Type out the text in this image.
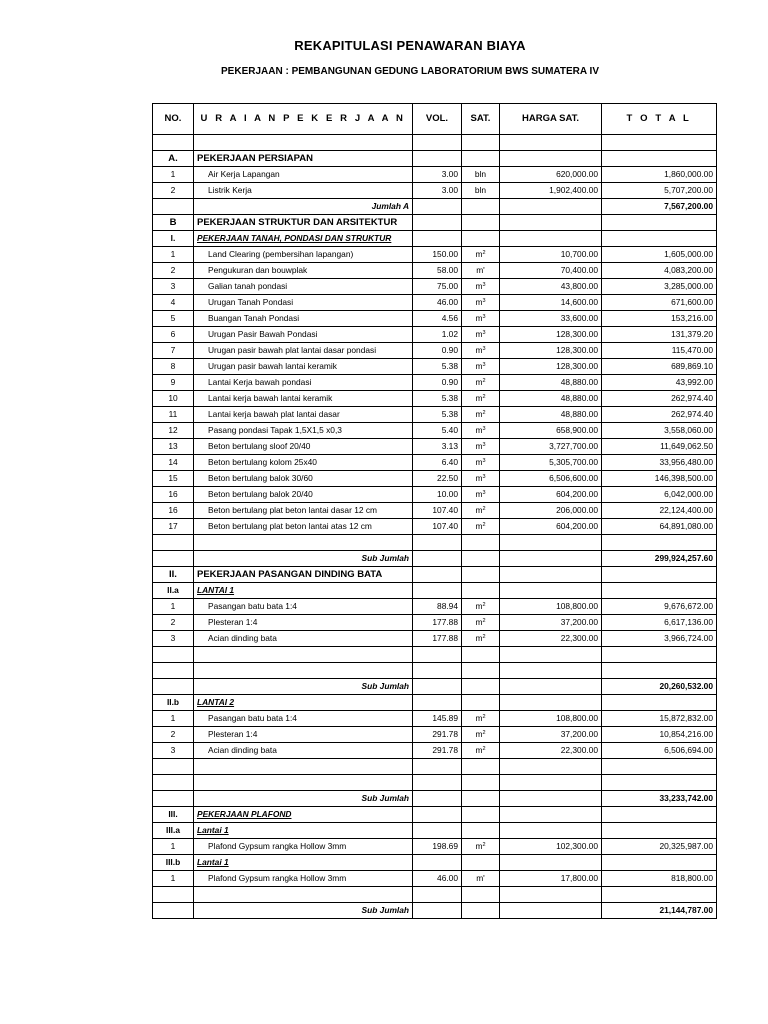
REKAPITULASI PENAWARAN BIAYA
PEKERJAAN : PEMBANGUNAN GEDUNG LABORATORIUM BWS SUMATERA IV
NO.	U R A I A N P E K E R J A A N	VOL.	SAT.	HARGA SAT.	T O T A L

A.	PEKERJAAN PERSIAPAN				
1	Air Kerja Lapangan	3.00	bln	620,000.00	1,860,000.00
2	Listrik Kerja	3.00	bln	1,902,400.00	5,707,200.00
	Jumlah A				7,567,200.00
B	PEKERJAAN STRUKTUR DAN ARSITEKTUR				
I.	PEKERJAAN TANAH, PONDASI DAN STRUKTUR				
1	Land Clearing (pembersihan lapangan)	150.00	$m^2$	10,700.00	1,605,000.00
2	Pengukuran dan bouwplak	58.00	m'	70,400.00	4,083,200.00
3	Galian tanah pondasi	75.00	$m^3$	43,800.00	3,285,000.00
4	Urugan Tanah Pondasi	46.00	$m^3$	14,600.00	671,600.00
5	Buangan Tanah Pondasi	4.56	$m^3$	33,600.00	153,216.00
6	Urugan Pasir Bawah Pondasi	1.02	$m^3$	128,300.00	131,379.20
7	Urugan pasir bawah plat lantai dasar pondasi	0.90	$m^3$	128,300.00	115,470.00
8	Urugan pasir bawah lantai keramik	5.38	$m^3$	128,300.00	689,869.10
9	Lantai Kerja bawah pondasi	0.90	$m^2$	48,880.00	43,992.00
10	Lantai kerja bawah lantai keramik	5.38	$m^2$	48,880.00	262,974.40
11	Lantai kerja bawah plat lantai dasar	5.38	$m^2$	48,880.00	262,974.40
12	Pasang pondasi Tapak 1,5X1,5 x0,3	5.40	$m^3$	658,900.00	3,558,060.00
13	Beton bertulang sloof 20/40	3.13	$m^3$	3,727,700.00	11,649,062.50
14	Beton bertulang kolom 25x40	6.40	$m^3$	5,305,700.00	33,956,480.00
15	Beton bertulang balok 30/60	22.50	$m^3$	6,506,600.00	146,398,500.00
16	Beton bertulang balok 20/40	10.00	$m^3$	604,200.00	6,042,000.00
16	Beton bertulang plat beton lantai dasar 12 cm	107.40	$m^2$	206,000.00	22,124,400.00
17	Beton bertulang plat beton lantai atas 12 cm	107.40	$m^2$	604,200.00	64,891,080.00

	Sub Jumlah				299,924,257.60
II.	PEKERJAAN PASANGAN DINDING BATA				
II.a	LANTAI 1				
1	Pasangan batu bata 1:4	88.94	$m^2$	108,800.00	9,676,672.00
2	Plesteran 1:4	177.88	$m^2$	37,200.00	6,617,136.00
3	Acian dinding bata	177.88	$m^2$	22,300.00	3,966,724.00

	Sub Jumlah				20,260,532.00
II.b	LANTAI 2				
1	Pasangan batu bata 1:4	145.89	$m^2$	108,800.00	15,872,832.00
2	Plesteran 1:4	291.78	$m^2$	37,200.00	10,854,216.00
3	Acian dinding bata	291.78	$m^2$	22,300.00	6,506,694.00

	Sub Jumlah				33,233,742.00
III.	PEKERJAAN PLAFOND				
III.a	Lantai 1				
1	Plafond Gypsum rangka Hollow 3mm	198.69	$m^2$	102,300.00	20,325,987.00
III.b	Lantai 1				
1	Plafond Gypsum rangka Hollow 3mm	46.00	m'	17,800.00	818,800.00

	Sub Jumlah				21,144,787.00
